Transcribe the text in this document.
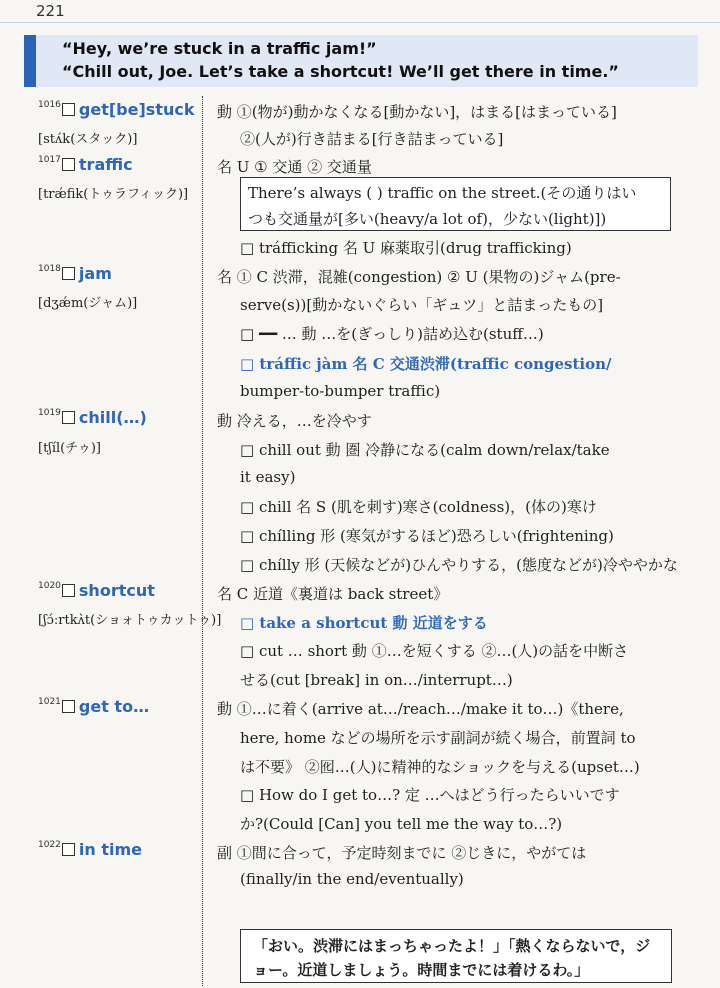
221
“Hey, we’re stuck in a traffic jam!”
“Chill out, Joe. Let’s take a shortcut! We’ll get there in time.”
$^{1016}$ get[be]stuck
[stʌ́k(スタック)]
動 ①(物が)動かなくなる[動かない]，はまる[はまっている]
②(人が)行き詰まる[行き詰まっている]
$^{1017}$ traffic
[trǽfik(トゥラフィック)]
名 U ① 交通 ② 交通量
There’s always ( ) traffic on the street.(その通りはい
つも交通量が[多い(heavy/a lot of)，少ない(light)])
□ tráfficking 名 U 麻薬取引(drug trafficking)
$^{1018}$ jam
[dʒǽm(ジャム)]
名 ① C 渋滞，混雑(congestion) ② U (果物の)ジャム(pre-
serve(s))[動かないぐらい「ギュツ」と詰まったもの]
□ ━━ … 動 …を(ぎっしり)詰め込む(stuff…)
□ tráffic jàm 名 C 交通渋滞(traffic congestion/
bumper-to-bumper traffic)
$^{1019}$ chill(…)
[tʃíl(チゥ)]
動 冷える，…を冷やす
□ chill out 動 圏 冷静になる(calm down/relax/take
it easy)
□ chill 名 S (肌を刺す)寒さ(coldness)，(体の)寒け
□ chílling 形 (寒気がするほど)恐ろしい(frightening)
□ chílly 形 (天候などが)ひんやりする，(態度などが)冷ややかな
$^{1020}$ shortcut
[ʃɔ́ːrtkʌ̀t(ショォトゥカットゥ)]
名 C 近道《裏道は back street》
□ take a shortcut 動 近道をする
□ cut … short 動 ①…を短くする ②…(人)の話を中断さ
せる(cut [break] in on…/interrupt…)
$^{1021}$ get to…	動 ①…に着く(arrive at…/reach…/make it to…)《there,
here, home などの場所を示す副詞が続く場合，前置詞 to
は不要》 ②囮…(人)に精神的なショックを与える(upset…)
□ How do I get to…? 定 …へはどう行ったらいいです
か?(Could [Can] you tell me the way to…?)
$^{1022}$ in time	副 ①間に合って，予定時刻までに ②じきに，やがては
(finally/in the end/eventually)
「おい。渋滞にはまっちゃったよ！」「熱くならないで，ジ
ョー。近道しましょう。時間までには着けるわ。」
